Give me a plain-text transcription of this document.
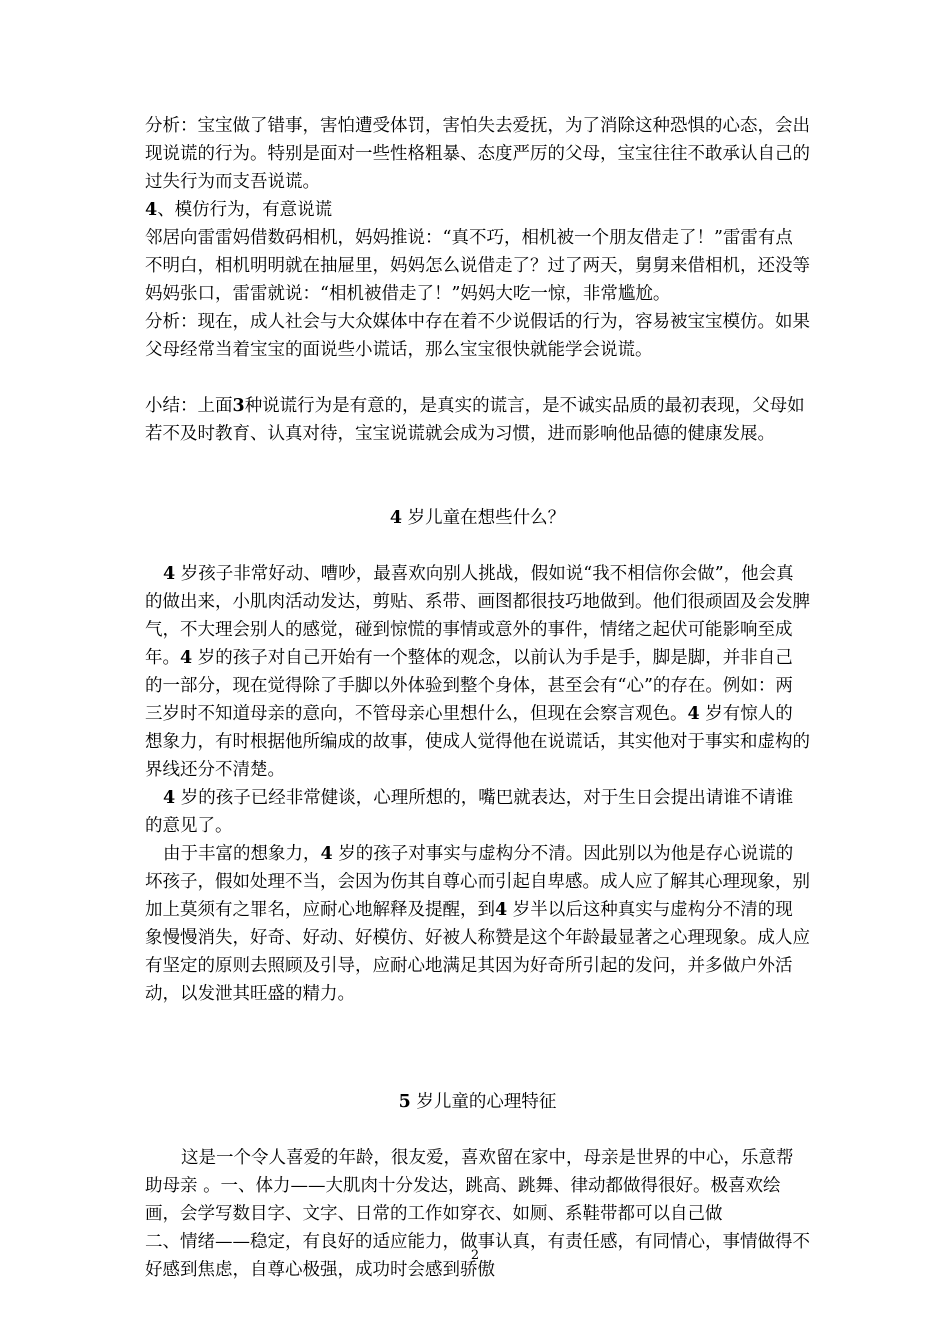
分析：宝宝做了错事，害怕遭受体罚，害怕失去爱抚，为了消除这种恐惧的心态，会出现说谎的行为。特别是面对一些性格粗暴、态度严厉的父母，宝宝往往不敢承认自己的过失行为而支吾说谎。

4、模仿行为，有意说谎

邻居向雷雷妈借数码相机，妈妈推说：“真不巧，相机被一个朋友借走了！”雷雷有点不明白，相机明明就在抽屉里，妈妈怎么说借走了？过了两天，舅舅来借相机，还没等妈妈张口，雷雷就说：“相机被借走了！”妈妈大吃一惊，非常尴尬。

分析：现在，成人社会与大众媒体中存在着不少说假话的行为，容易被宝宝模仿。如果父母经常当着宝宝的面说些小谎话，那么宝宝很快就能学会说谎。

小结：上面3种说谎行为是有意的，是真实的谎言，是不诚实品质的最初表现，父母如若不及时教育、认真对待，宝宝说谎就会成为习惯，进而影响他品德的健康发展。

4 岁儿童在想些什么？

4 岁孩子非常好动、嘈吵，最喜欢向别人挑战，假如说“我不相信你会做”，他会真的做出来，小肌肉活动发达，剪贴、系带、画图都很技巧地做到。他们很顽固及会发脾气，不大理会别人的感觉，碰到惊慌的事情或意外的事件，情绪之起伏可能影响至成年。4 岁的孩子对自己开始有一个整体的观念，以前认为手是手，脚是脚，并非自己的一部分，现在觉得除了手脚以外体验到整个身体，甚至会有“心”的存在。例如：两三岁时不知道母亲的意向，不管母亲心里想什么，但现在会察言观色。4 岁有惊人的想象力，有时根据他所编成的故事，使成人觉得他在说谎话，其实他对于事实和虚构的界线还分不清楚。

4 岁的孩子已经非常健谈，心理所想的，嘴巴就表达，对于生日会提出请谁不请谁的意见了。

由于丰富的想象力，4 岁的孩子对事实与虚构分不清。因此别以为他是存心说谎的坏孩子，假如处理不当，会因为伤其自尊心而引起自卑感。成人应了解其心理现象，别加上莫须有之罪名，应耐心地解释及提醒，到4 岁半以后这种真实与虚构分不清的现象慢慢消失，好奇、好动、好模仿、好被人称赞是这个年龄最显著之心理现象。成人应有坚定的原则去照顾及引导，应耐心地满足其因为好奇所引起的发问，并多做户外活动，以发泄其旺盛的精力。

5 岁儿童的心理特征

这是一个令人喜爱的年龄，很友爱，喜欢留在家中，母亲是世界的中心，乐意帮助母亲 。一、体力——大肌肉十分发达，跳高、跳舞、律动都做得很好。极喜欢绘画，会学写数目字、文字、日常的工作如穿衣、如厕、系鞋带都可以自己做

二、情绪——稳定，有良好的适应能力，做事认真，有责任感，有同情心，事情做得不好感到焦虑，自尊心极强，成功时会感到骄傲

2
